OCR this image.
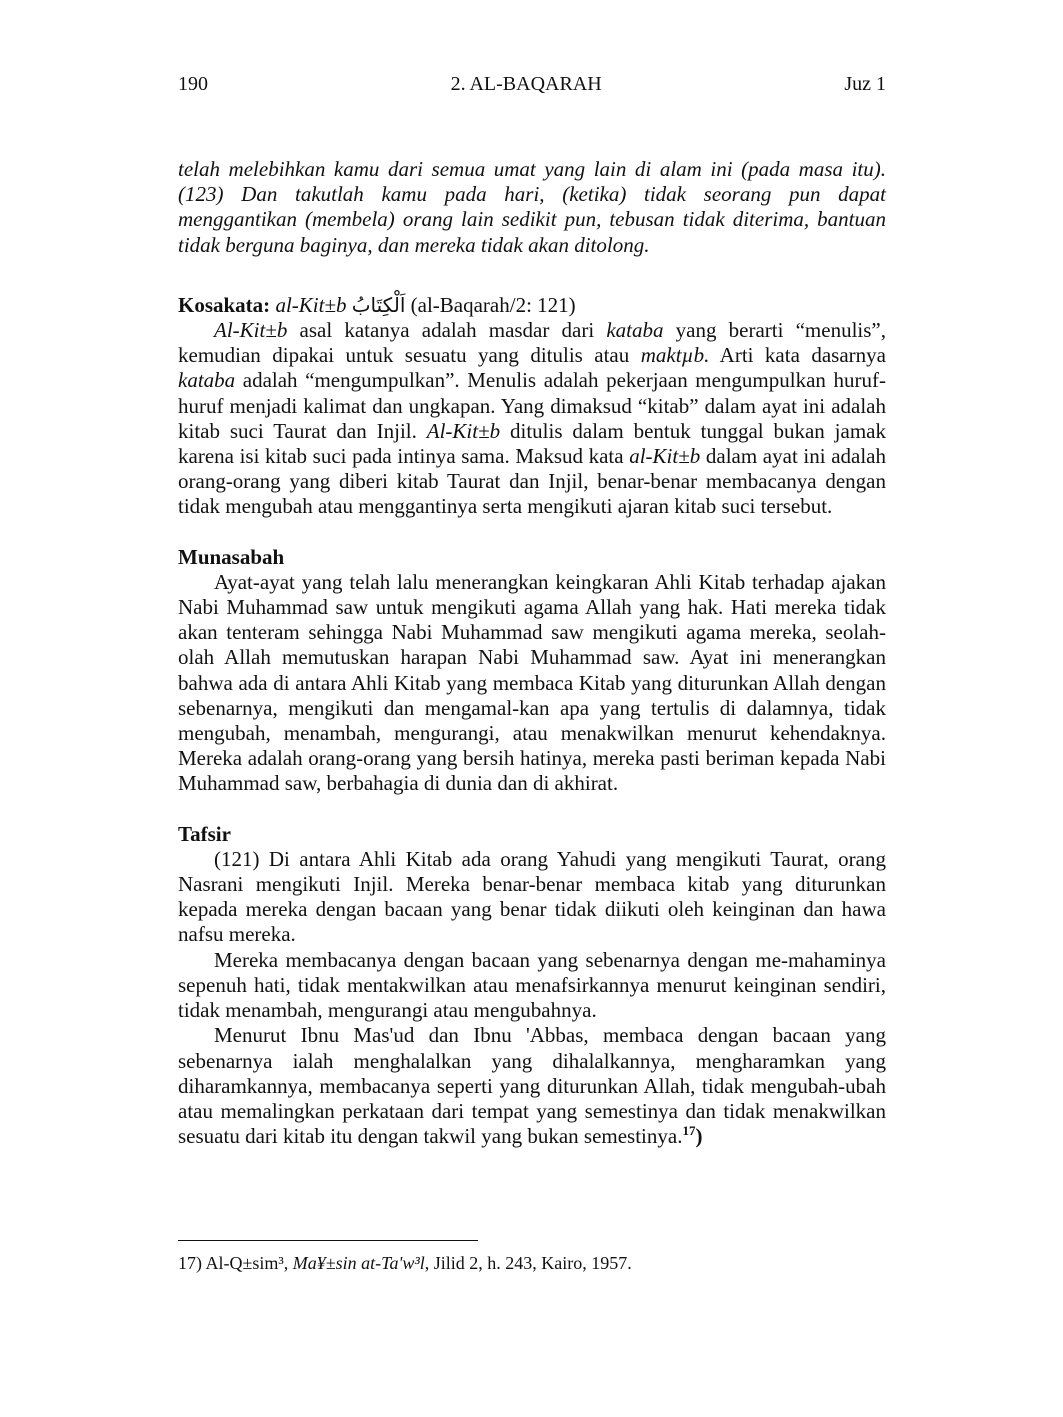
190	2. AL-BAQARAH	Juz 1

telah melebihkan kamu dari semua umat yang lain di alam ini (pada masa itu). (123) Dan takutlah kamu pada hari, (ketika) tidak seorang pun dapat menggantikan (membela) orang lain sedikit pun, tebusan tidak diterima, bantuan tidak berguna baginya, dan mereka tidak akan ditolong.

Kosakata: al-Kit±b اَلْكِتَابُ (al-Baqarah/2: 121)

Al-Kit±b asal katanya adalah masdar dari kataba yang berarti “menulis”, kemudian dipakai untuk sesuatu yang ditulis atau maktµb. Arti kata dasarnya kataba adalah “mengumpulkan”. Menulis adalah pekerjaan mengumpulkan huruf-huruf menjadi kalimat dan ungkapan. Yang dimaksud “kitab” dalam ayat ini adalah kitab suci Taurat dan Injil. Al-Kit±b ditulis dalam bentuk tunggal bukan jamak karena isi kitab suci pada intinya sama. Maksud kata al-Kit±b dalam ayat ini adalah orang-orang yang diberi kitab Taurat dan Injil, benar-benar membacanya dengan tidak mengubah atau menggantinya serta mengikuti ajaran kitab suci tersebut.

Munasabah

Ayat-ayat yang telah lalu menerangkan keingkaran Ahli Kitab terhadap ajakan Nabi Muhammad saw untuk mengikuti agama Allah yang hak. Hati mereka tidak akan tenteram sehingga Nabi Muhammad saw mengikuti agama mereka, seolah-olah Allah memutuskan harapan Nabi Muhammad saw. Ayat ini menerangkan bahwa ada di antara Ahli Kitab yang membaca Kitab yang diturunkan Allah dengan sebenarnya, mengikuti dan mengamal-kan apa yang tertulis di dalamnya, tidak mengubah, menambah, mengurangi, atau menakwilkan menurut kehendaknya. Mereka adalah orang-orang yang bersih hatinya, mereka pasti beriman kepada Nabi Muhammad saw, berbahagia di dunia dan di akhirat.

Tafsir

(121) Di antara Ahli Kitab ada orang Yahudi yang mengikuti Taurat, orang Nasrani mengikuti Injil. Mereka benar-benar membaca kitab yang diturunkan kepada mereka dengan bacaan yang benar tidak diikuti oleh keinginan dan hawa nafsu mereka.

Mereka membacanya dengan bacaan yang sebenarnya dengan me-mahaminya sepenuh hati, tidak mentakwilkan atau menafsirkannya menurut keinginan sendiri, tidak menambah, mengurangi atau mengubahnya.

Menurut Ibnu Mas'ud dan Ibnu 'Abbas, membaca dengan bacaan yang sebenarnya ialah menghalalkan yang dihalalkannya, mengharamkan yang diharamkannya, membacanya seperti yang diturunkan Allah, tidak mengubah-ubah atau memalingkan perkataan dari tempat yang semestinya dan tidak menakwilkan sesuatu dari kitab itu dengan takwil yang bukan semestinya.$^{17}$)

17) Al-Q±sim³, Ma¥±sin at-Ta'w³l, Jilid 2, h. 243, Kairo, 1957.
